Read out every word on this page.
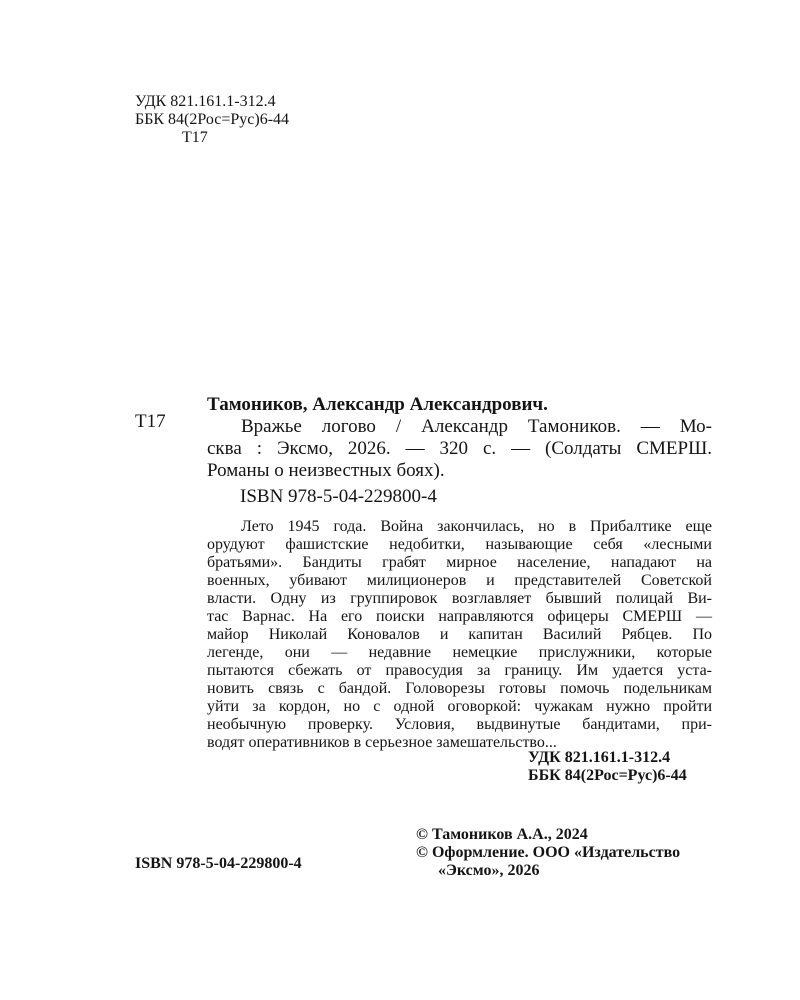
УДК 821.161.1-312.4
ББК 84(2Рос=Рус)6-44
Т17
Т17
Тамоников, Александр Александрович.
Вражье логово / Александр Тамоников. — Мо-
сква : Эксмо, 2026. — 320 с. — (Солдаты СМЕРШ.
Романы о неизвестных боях).
ISBN 978-5-04-229800-4
Лето 1945 года. Война закончилась, но в Прибалтике еще
орудуют фашистские недобитки, называющие себя «лесными
братьями». Бандиты грабят мирное население, нападают на
военных, убивают милиционеров и представителей Советской
власти. Одну из группировок возглавляет бывший полицай Ви-
тас Варнас. На его поиски направляются офицеры СМЕРШ —
майор Николай Коновалов и капитан Василий Рябцев. По
легенде, они — недавние немецкие прислужники, которые
пытаются сбежать от правосудия за границу. Им удается уста-
новить связь с бандой. Головорезы готовы помочь подельникам
уйти за кордон, но с одной оговоркой: чужакам нужно пройти
необычную проверку. Условия, выдвинутые бандитами, при-
водят оперативников в серьезное замешательство...
УДК 821.161.1-312.4
ББК 84(2Рос=Рус)6-44
ISBN 978-5-04-229800-4
© Тамоников А.А., 2024
© Оформление. ООО «Издательство
«Эксмо», 2026
